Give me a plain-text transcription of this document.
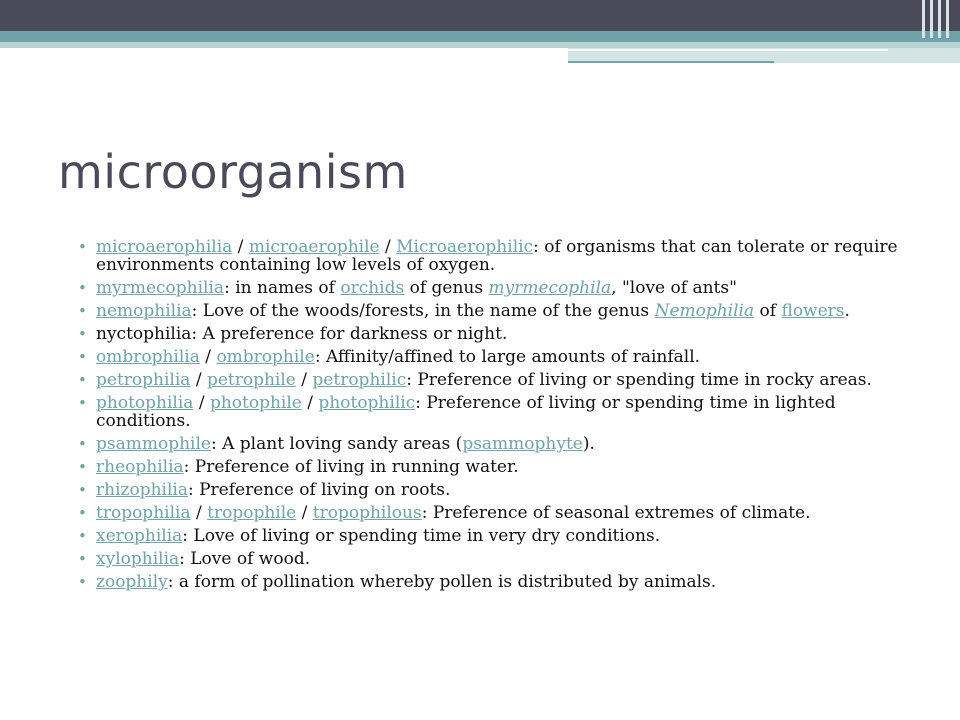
microorganism
• microaerophilia / microaerophile / Microaerophilic: of organisms that can tolerate or require environments containing low levels of oxygen.
• myrmecophilia: in names of orchids of genus myrmecophila, "love of ants"
• nemophilia: Love of the woods/forests, in the name of the genus Nemophilia of flowers.
• nyctophilia: A preference for darkness or night.
• ombrophilia / ombrophile: Affinity/affined to large amounts of rainfall.
• petrophilia / petrophile / petrophilic: Preference of living or spending time in rocky areas.
• photophilia / photophile / photophilic: Preference of living or spending time in lighted conditions.
• psammophile: A plant loving sandy areas (psammophyte).
• rheophilia: Preference of living in running water.
• rhizophilia: Preference of living on roots.
• tropophilia / tropophile / tropophilous: Preference of seasonal extremes of climate.
• xerophilia: Love of living or spending time in very dry conditions.
• xylophilia: Love of wood.
• zoophily: a form of pollination whereby pollen is distributed by animals.
